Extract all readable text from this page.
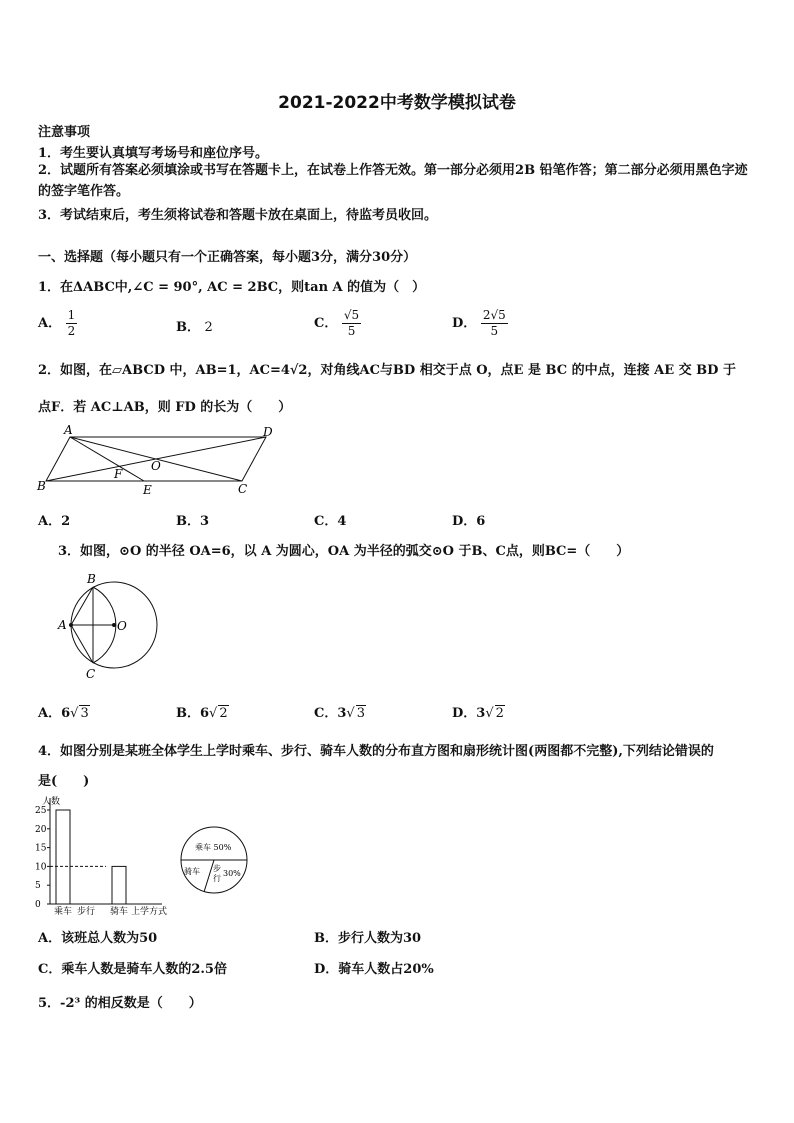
2021-2022中考数学模拟试卷
注意事项
1．考生要认真填写考场号和座位序号。
2．试题所有答案必须填涂或书写在答题卡上，在试卷上作答无效。第一部分必须用2B 铅笔作答；第二部分必须用黑色字迹的签字笔作答。
3．考试结束后，考生须将试卷和答题卡放在桌面上，待监考员收回。
一、选择题（每小题只有一个正确答案，每小题3分，满分30分）
1．在ΔABC中,∠C = 90°, AC = 2BC，则tan A 的值为（　）
A． $\frac{1}{2}$	B． 2	C． $\frac{√5}{5}$	D． $\frac{2√5}{5}$
2．如图，在▱ABCD 中，AB=1，AC=4√2，对角线AC与BD 相交于点 O，点E 是 BC 的中点，连接 AE 交 BD 于
点F．若 AC⊥AB，则 FD 的长为（　　）
A	D
B	C
O
F
E
A．2	B．3	C．4	D．6
3．如图，⊙O 的半径 OA=6，以 A 为圆心，OA 为半径的弧交⊙O 于B、C点，则BC=（　　）
B
A	O
C
A．6√ 3	B．6√ 2	C．3√ 3	D．3√ 2
4．如图分别是某班全体学生上学时乘车、步行、骑车人数的分布直方图和扇形统计图(两图都不完整),下列结论错误的
是(　　)
人数
上学方式
0
5
10
15
20
25
乘车 步行 骑车
乘车 50%
骑车 步
行
30%
A．该班总人数为50	B．步行人数为30
C．乘车人数是骑车人数的2.5倍	D．骑车人数占20%
5．-2³ 的相反数是（　　）
